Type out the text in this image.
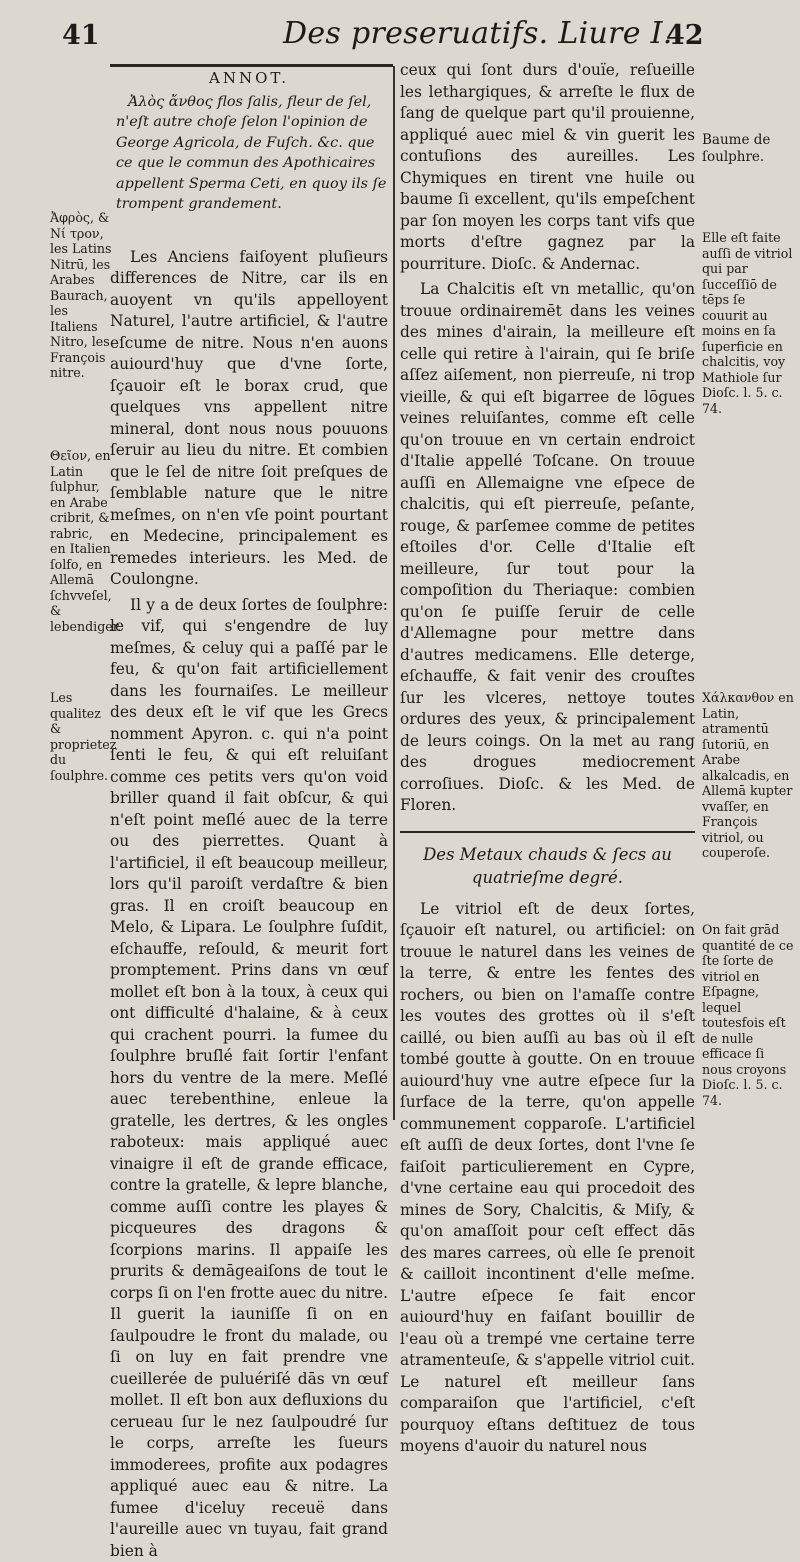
41	Des preseruatifs. Liure I.
42
ANNOT.
Ἀλὸς ἄνθος flos ſalis, fleur de ſel, n'eſt autre choſe ſelon l'opinion de George Agricola, de Fuſch. &c. que ce que le commun des Apothicaires appellent Sperma Ceti, en quoy ils ſe trompent grandement.

Les Anciens faiſoyent pluſieurs differences de Nitre, car ils en auoyent vn qu'ils appelloyent Naturel, l'autre artificiel, & l'autre eſcume de nitre. Nous n'en auons auiourd'huy que d'vne ſorte, ſçauoir eſt le borax crud, que quelques vns appellent nitre mineral, dont nous nous pouuons ſeruir au lieu du nitre. Et combien que le ſel de nitre ſoit preſques de ſemblable nature que le nitre meſmes, on n'en vſe point pourtant en Medecine, principalement es remedes interieurs. les Med. de Coulongne.

Il y a de deux ſortes de ſoulphre: le vif, qui s'engendre de luy meſmes, & celuy qui a paſſé par le feu, & qu'on fait artificiellement dans les fournaiſes. Le meilleur des deux eſt le vif que les Grecs nomment Apyron. c. qui n'a point ſenti le feu, & qui eſt reluiſant comme ces petits vers qu'on void briller quand il fait obſcur, & qui n'eſt point meſlé auec de la terre ou des pierrettes. Quant à l'artificiel, il eſt beaucoup meilleur, lors qu'il paroiſt verdaſtre & bien gras. Il en croiſt beaucoup en Melo, & Lipara. Le ſoulphre ſuſdit, eſchauffe, reſould, & meurit fort promptement. Prins dans vn œuf mollet eſt bon à la toux, à ceux qui ont difficulté d'halaine, & à ceux qui crachent pourri. la fumee du ſoulphre bruſlé fait ſortir l'enfant hors du ventre de la mere. Meſlé auec terebenthine, enleue la gratelle, les dertres, & les ongles raboteux: mais appliqué auec vinaigre il eſt de grande efficace, contre la gratelle, & lepre blanche, comme auſſi contre les playes & picqueures des dragons & ſcorpions marins. Il appaiſe les prurits & demāgeaiſons de tout le corps ſi on l'en frotte auec du nitre. Il guerit la iauniſſe ſi on en ſaulpoudre le front du malade, ou ſi on luy en fait prendre vne cueillerée de puluériſé dās vn œuf mollet. Il eſt bon aux defluxions du cerueau ſur le nez ſaulpoudré ſur le corps, arreſte les ſueurs immoderees, profite aux podagres appliqué auec eau & nitre. La fumee d'iceluy receuë dans l'aureille auec vn tuyau, fait grand bien à

ceux qui ſont durs d'ouïe, reſueille les lethargiques, & arreſte le flux de ſang de quelque part qu'il prouienne, appliqué auec miel & vin guerit les contuſions des aureilles. Les Chymiques en tirent vne huile ou baume ſi excellent, qu'ils empeſchent par ſon moyen les corps tant vifs que morts d'eſtre gagnez par la pourriture. Dioſc. & Andernac.

La Chalcitis eſt vn metallic, qu'on trouue ordinairemēt dans les veines des mines d'airain, la meilleure eſt celle qui retire à l'airain, qui ſe briſe aſſez aiſement, non pierreuſe, ni trop vieille, & qui eſt bigarree de lōgues veines reluiſantes, comme eſt celle qu'on trouue en vn certain endroict d'Italie appellé Toſcane. On trouue auſſi en Allemaigne vne eſpece de chalcitis, qui eſt pierreuſe, peſante, rouge, & parſemee comme de petites eſtoiles d'or. Celle d'Italie eſt meilleure, ſur tout pour la compoſition du Theriaque: combien qu'on ſe puiſſe ſeruir de celle d'Allemagne pour mettre dans d'autres medicamens. Elle deterge, eſchauffe, & fait venir des crouſtes ſur les vlceres, nettoye toutes ordures des yeux, & principalement de leurs coings. On la met au rang des drogues mediocrement corroſiues. Dioſc. & les Med. de Floren.

Des Metaux chauds & ſecs au quatrieſme degré.

Le vitriol eſt de deux ſortes, ſçauoir eſt naturel, ou artificiel: on trouue le naturel dans les veines de la terre, & entre les fentes des rochers, ou bien on l'amaſſe contre les voutes des grottes où il s'eſt caillé, ou bien auſſi au bas où il eſt tombé goutte à goutte. On en trouue auiourd'huy vne autre eſpece ſur la ſurface de la terre, qu'on appelle communement copparoſe. L'artificiel eſt auſſi de deux ſortes, dont l'vne ſe faiſoit particulierement en Cypre, d'vne certaine eau qui procedoit des mines de Sory, Chalcitis, & Miſy, & qu'on amaſſoit pour ceſt effect dās des mares carrees, où elle ſe prenoit & cailloit incontinent d'elle meſme. L'autre eſpece ſe fait encor auiourd'huy en faiſant bouillir de l'eau où a trempé vne certaine terre atramenteuſe, & s'appelle vitriol cuit. Le naturel eſt meilleur ſans comparaiſon que l'artificiel, c'eſt pourquoy eſtans deſtituez de tous moyens d'auoir du naturel nous

Ἀφρὸς, & Νί τρον, les Latins Nitrū, les Arabes Baurach, les Italiens Nitro, les François nitre.
Θεῖον, en Latin ſulphur, en Arabe cribrit, & rabric, en Italien ſolfo, en Allemā ſchvveſel, & lebendiger.
Les qualitez & proprietez du ſoulphre.
Baume de ſoulphre.
Elle eſt faite auſſi de vitriol qui par ſucceſſiō de tēps ſe couurit au moins en ſa ſuperficie en chalcitis, voy Mathiole ſur Dioſc. l. 5. c. 74.
Χάλκανθον en Latin, atramentū ſutoriū, en Arabe alkalcadis, en Allemā kupter vvaſſer, en François vitriol, ou couperoſe.
On fait grād quantité de ce ſte ſorte de vitriol en Eſpagne, lequel toutesfois eſt de nulle efficace ſi nous croyons Dioſc. l. 5. c. 74.
